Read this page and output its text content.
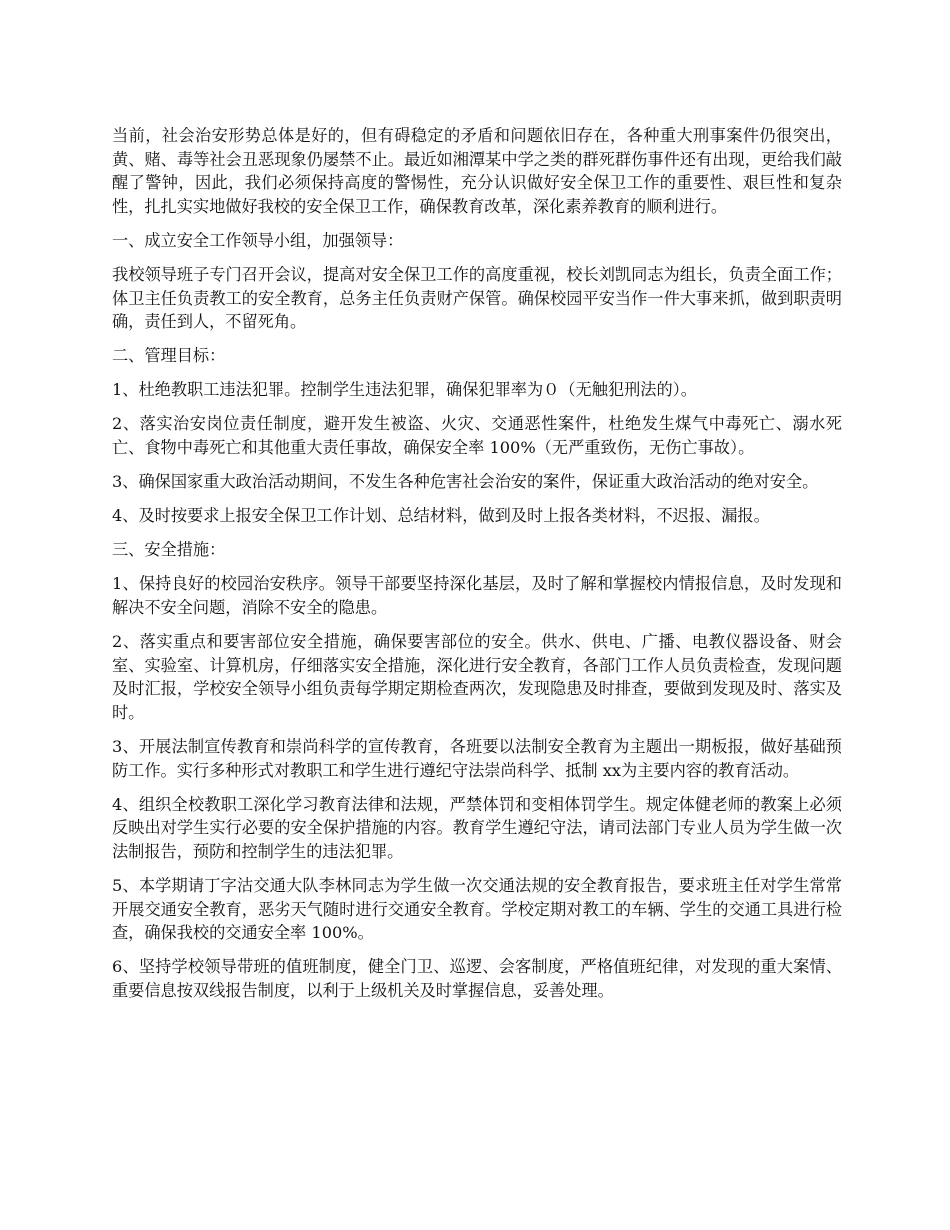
当前，社会治安形势总体是好的，但有碍稳定的矛盾和问题依旧存在，各种重大刑事案件仍很突出，黄、赌、毒等社会丑恶现象仍屡禁不止。最近如湘潭某中学之类的群死群伤事件还有出现，更给我们敲醒了警钟，因此，我们必须保持高度的警惕性，充分认识做好安全保卫工作的重要性、艰巨性和复杂性，扎扎实实地做好我校的安全保卫工作，确保教育改革，深化素养教育的顺利进行。

一、成立安全工作领导小组，加强领导：

我校领导班子专门召开会议，提高对安全保卫工作的高度重视，校长刘凯同志为组长，负责全面工作；体卫主任负责教工的安全教育，总务主任负责财产保管。确保校园平安当作一件大事来抓，做到职责明确，责任到人，不留死角。

二、管理目标：

1、杜绝教职工违法犯罪。控制学生违法犯罪，确保犯罪率为０（无触犯刑法的）。

2、落实治安岗位责任制度，避开发生被盗、火灾、交通恶性案件，杜绝发生煤气中毒死亡、溺水死亡、食物中毒死亡和其他重大责任事故，确保安全率 100%（无严重致伤，无伤亡事故）。

3、确保国家重大政治活动期间，不发生各种危害社会治安的案件，保证重大政治活动的绝对安全。

4、及时按要求上报安全保卫工作计划、总结材料，做到及时上报各类材料，不迟报、漏报。

三、安全措施：

1、保持良好的校园治安秩序。领导干部要坚持深化基层，及时了解和掌握校内情报信息，及时发现和解决不安全问题，消除不安全的隐患。

2、落实重点和要害部位安全措施，确保要害部位的安全。供水、供电、广播、电教仪器设备、财会室、实验室、计算机房，仔细落实安全措施，深化进行安全教育，各部门工作人员负责检查，发现问题及时汇报，学校安全领导小组负责每学期定期检查两次，发现隐患及时排查，要做到发现及时、落实及时。

3、开展法制宣传教育和崇尚科学的宣传教育，各班要以法制安全教育为主题出一期板报，做好基础预防工作。实行多种形式对教职工和学生进行遵纪守法崇尚科学、抵制 xx为主要内容的教育活动。

4、组织全校教职工深化学习教育法律和法规，严禁体罚和变相体罚学生。规定体健老师的教案上必须反映出对学生实行必要的安全保护措施的内容。教育学生遵纪守法，请司法部门专业人员为学生做一次法制报告，预防和控制学生的违法犯罪。

5、本学期请丁字沽交通大队李林同志为学生做一次交通法规的安全教育报告，要求班主任对学生常常开展交通安全教育，恶劣天气随时进行交通安全教育。学校定期对教工的车辆、学生的交通工具进行检查，确保我校的交通安全率 100%。

6、坚持学校领导带班的值班制度，健全门卫、巡逻、会客制度，严格值班纪律，对发现的重大案情、重要信息按双线报告制度，以利于上级机关及时掌握信息，妥善处理。
